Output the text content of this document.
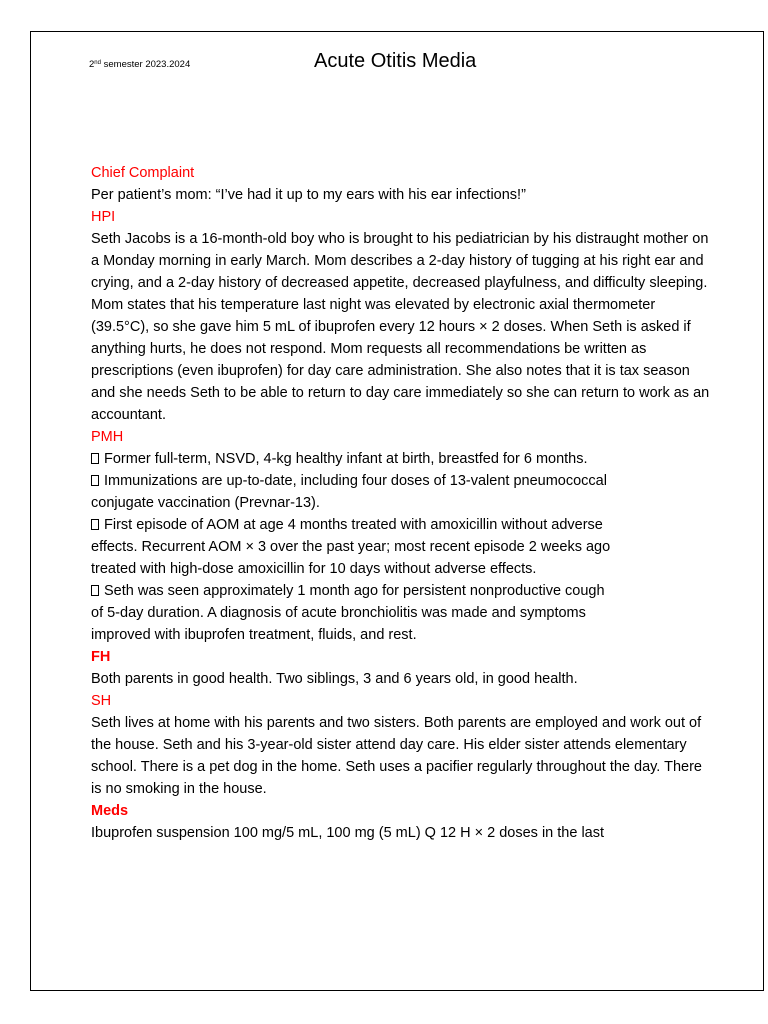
2nd semester 2023.2024	Acute Otitis Media

Chief Complaint

Per patient’s mom: “I’ve had it up to my ears with his ear infections!”

HPI

Seth Jacobs is a 16-month-old boy who is brought to his pediatrician by his distraught mother on a Monday morning in early March. Mom describes a 2-day history of tugging at his right ear and crying, and a 2-day history of decreased appetite, decreased playfulness, and difficulty sleeping. Mom states that his temperature last night was elevated by electronic axial thermometer (39.5°C), so she gave him 5 mL of ibuprofen every 12 hours × 2 doses. When Seth is asked if anything hurts, he does not respond. Mom requests all recommendations be written as prescriptions (even ibuprofen) for day care administration. She also notes that it is tax season and she needs Seth to be able to return to day care immediately so she can return to work as an accountant.

PMH

Former full-term, NSVD, 4-kg healthy infant at birth, breastfed for 6 months.

Immunizations are up-to-date, including four doses of 13-valent pneumococcal conjugate vaccination (Prevnar-13).

First episode of AOM at age 4 months treated with amoxicillin without adverse effects. Recurrent AOM × 3 over the past year; most recent episode 2 weeks ago treated with high-dose amoxicillin for 10 days without adverse effects.

Seth was seen approximately 1 month ago for persistent nonproductive cough of 5-day duration. A diagnosis of acute bronchiolitis was made and symptoms improved with ibuprofen treatment, fluids, and rest.

FH

Both parents in good health. Two siblings, 3 and 6 years old, in good health.

SH

Seth lives at home with his parents and two sisters. Both parents are employed and work out of the house. Seth and his 3-year-old sister attend day care. His elder sister attends elementary school. There is a pet dog in the home. Seth uses a pacifier regularly throughout the day. There is no smoking in the house.

Meds

Ibuprofen suspension 100 mg/5 mL, 100 mg (5 mL) Q 12 H × 2 doses in the last
